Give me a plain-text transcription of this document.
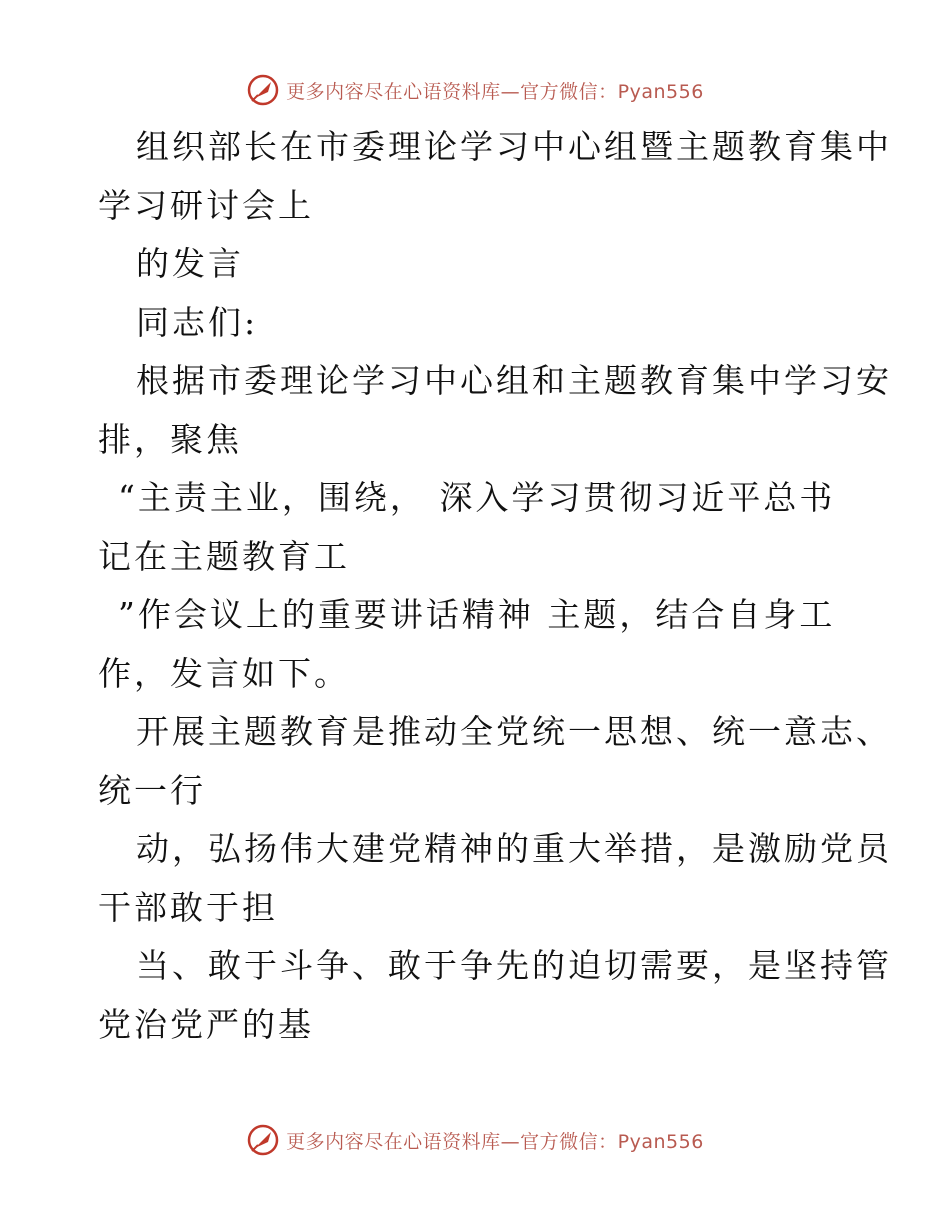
更多内容尽在心语资料库—官方微信：Pyan556
组织部长在市委理论学习中心组暨主题教育集中
学习研讨会上
的发言
同志们:
根据市委理论学习中心组和主题教育集中学习安
排，聚焦
“主责主业，围绕， 深入学习贯彻习近平总书
记在主题教育工
”作会议上的重要讲话精神 主题，结合自身工
作，发言如下。
开展主题教育是推动全党统一思想、统一意志、
统一行
动，弘扬伟大建党精神的重大举措，是激励党员
干部敢于担
当、敢于斗争、敢于争先的迫切需要，是坚持管
党治党严的基
更多内容尽在心语资料库—官方微信：Pyan556
